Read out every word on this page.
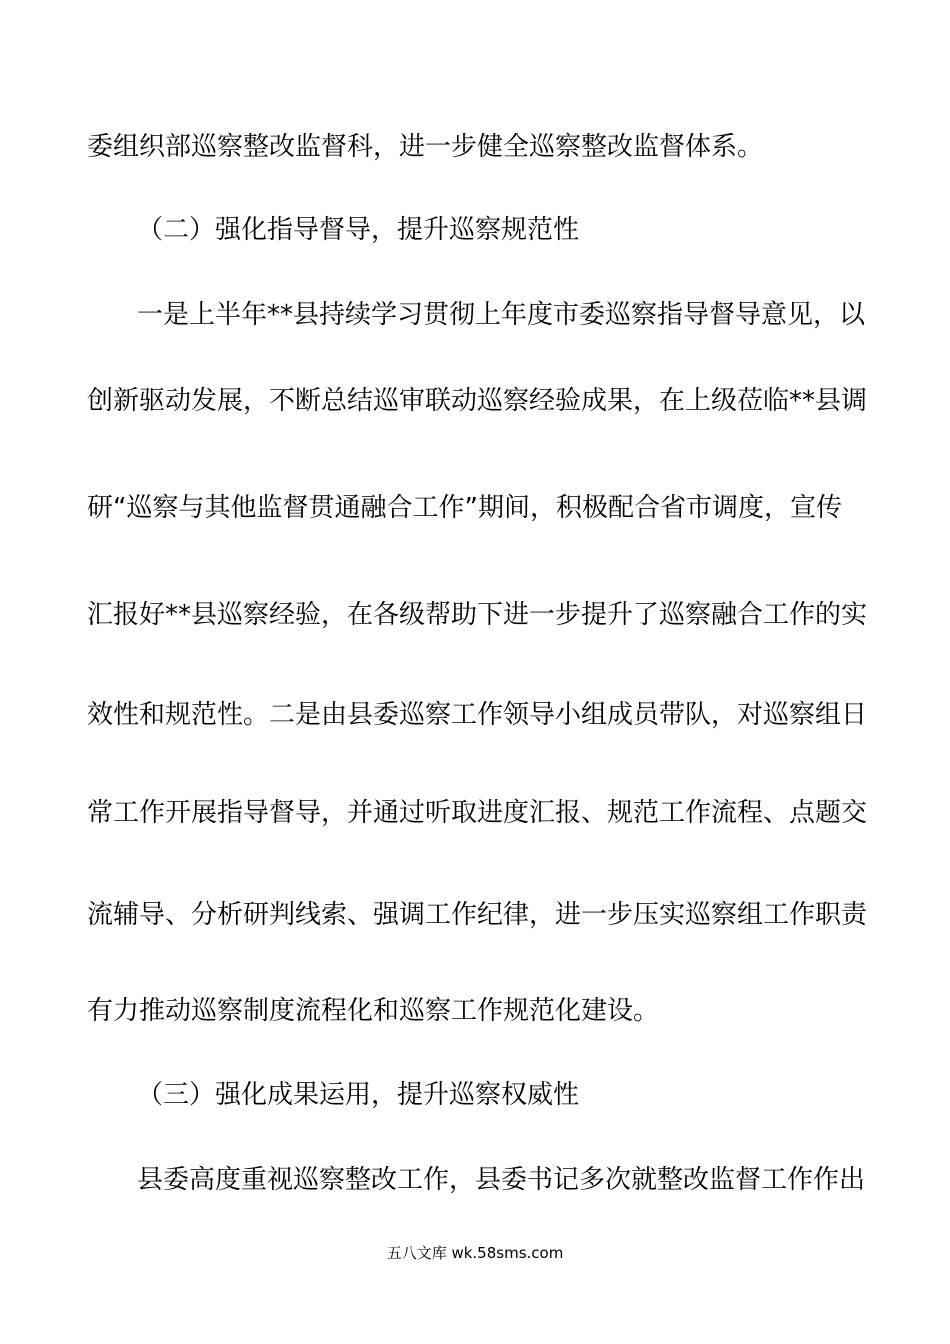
委组织部巡察整改监督科，进一步健全巡察整改监督体系。
（二）强化指导督导，提升巡察规范性
一是上半年**县持续学习贯彻上年度市委巡察指导督导意见，以
创新驱动发展，不断总结巡审联动巡察经验成果，在上级莅临**县调
研“巡察与其他监督贯通融合工作”期间，积极配合省市调度，宣传
汇报好**县巡察经验，在各级帮助下进一步提升了巡察融合工作的实
效性和规范性。二是由县委巡察工作领导小组成员带队，对巡察组日
常工作开展指导督导，并通过听取进度汇报、规范工作流程、点题交
流辅导、分析研判线索、强调工作纪律，进一步压实巡察组工作职责
有力推动巡察制度流程化和巡察工作规范化建设。
（三）强化成果运用，提升巡察权威性
县委高度重视巡察整改工作，县委书记多次就整改监督工作作出
五八文库 wk.58sms.com
